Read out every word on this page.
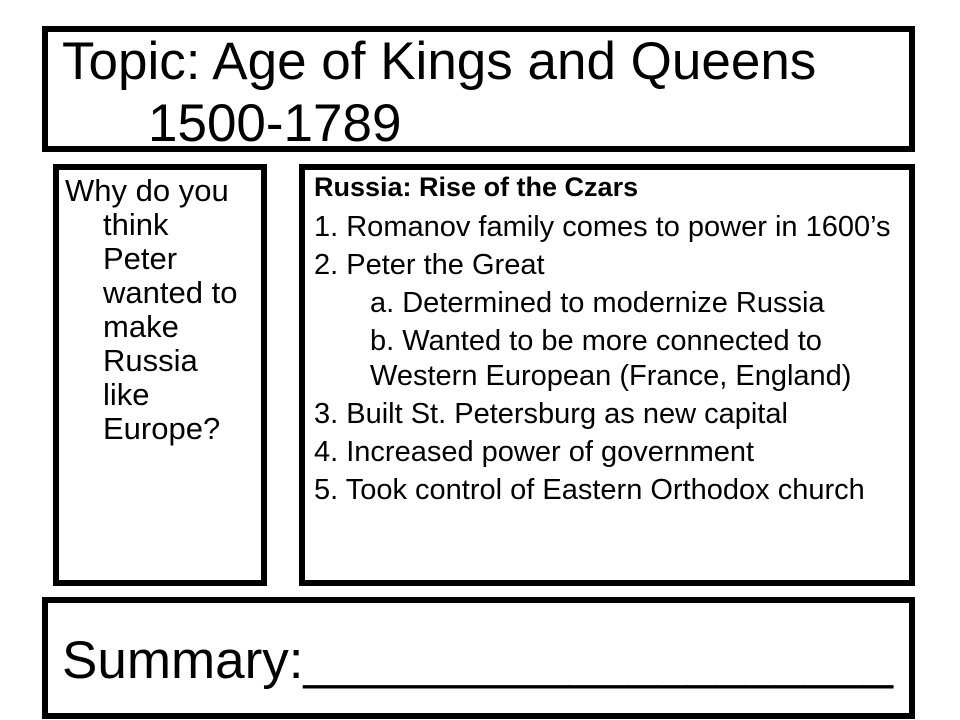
Topic: Age of Kings and Queens 1500-1789
Why do you think Peter wanted to make Russia like Europe?
Russia: Rise of the Czars
1. Romanov family comes to power in 1600’s
2. Peter the Great
a. Determined to modernize Russia
b. Wanted to be more connected to Western European (France, England)
3. Built St. Petersburg as new capital
4. Increased power of government
5. Took control of Eastern Orthodox church
Summary:____________________
